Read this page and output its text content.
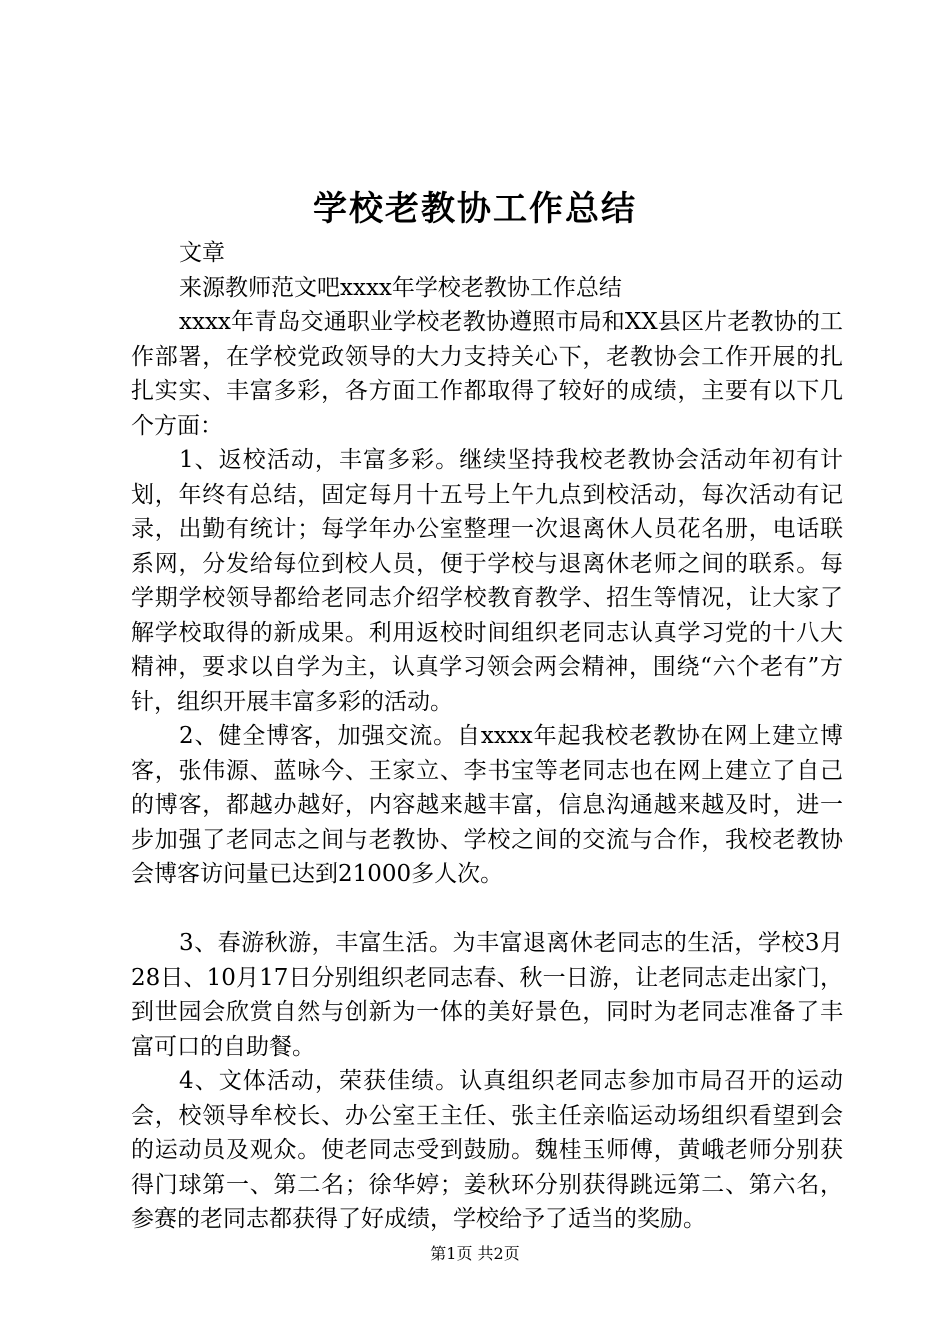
学校老教协工作总结

文章

来源教师范文吧xxxx年学校老教协工作总结

xxxx年青岛交通职业学校老教协遵照市局和XX县区片老教协的工作部署，在学校党政领导的大力支持关心下，老教协会工作开展的扎扎实实、丰富多彩，各方面工作都取得了较好的成绩，主要有以下几个方面：

1、返校活动，丰富多彩。继续坚持我校老教协会活动年初有计划，年终有总结，固定每月十五号上午九点到校活动，每次活动有记录，出勤有统计；每学年办公室整理一次退离休人员花名册，电话联系网，分发给每位到校人员，便于学校与退离休老师之间的联系。每学期学校领导都给老同志介绍学校教育教学、招生等情况，让大家了解学校取得的新成果。利用返校时间组织老同志认真学习党的十八大精神，要求以自学为主，认真学习领会两会精神，围绕“六个老有”方针，组织开展丰富多彩的活动。

2、健全博客，加强交流。自xxxx年起我校老教协在网上建立博客，张伟源、蓝咏今、王家立、李书宝等老同志也在网上建立了自己的博客，都越办越好，内容越来越丰富，信息沟通越来越及时，进一步加强了老同志之间与老教协、学校之间的交流与合作，我校老教协会博客访问量已达到21000多人次。

3、春游秋游，丰富生活。为丰富退离休老同志的生活，学校3月28日、10月17日分别组织老同志春、秋一日游，让老同志走出家门，到世园会欣赏自然与创新为一体的美好景色，同时为老同志准备了丰富可口的自助餐。

4、文体活动，荣获佳绩。认真组织老同志参加市局召开的运动会，校领导牟校长、办公室王主任、张主任亲临运动场组织看望到会的运动员及观众。使老同志受到鼓励。魏桂玉师傅，黄峨老师分别获得门球第一、第二名；徐华婷；姜秋环分别获得跳远第二、第六名，参赛的老同志都获得了好成绩，学校给予了适当的奖励。

第1页 共2页
